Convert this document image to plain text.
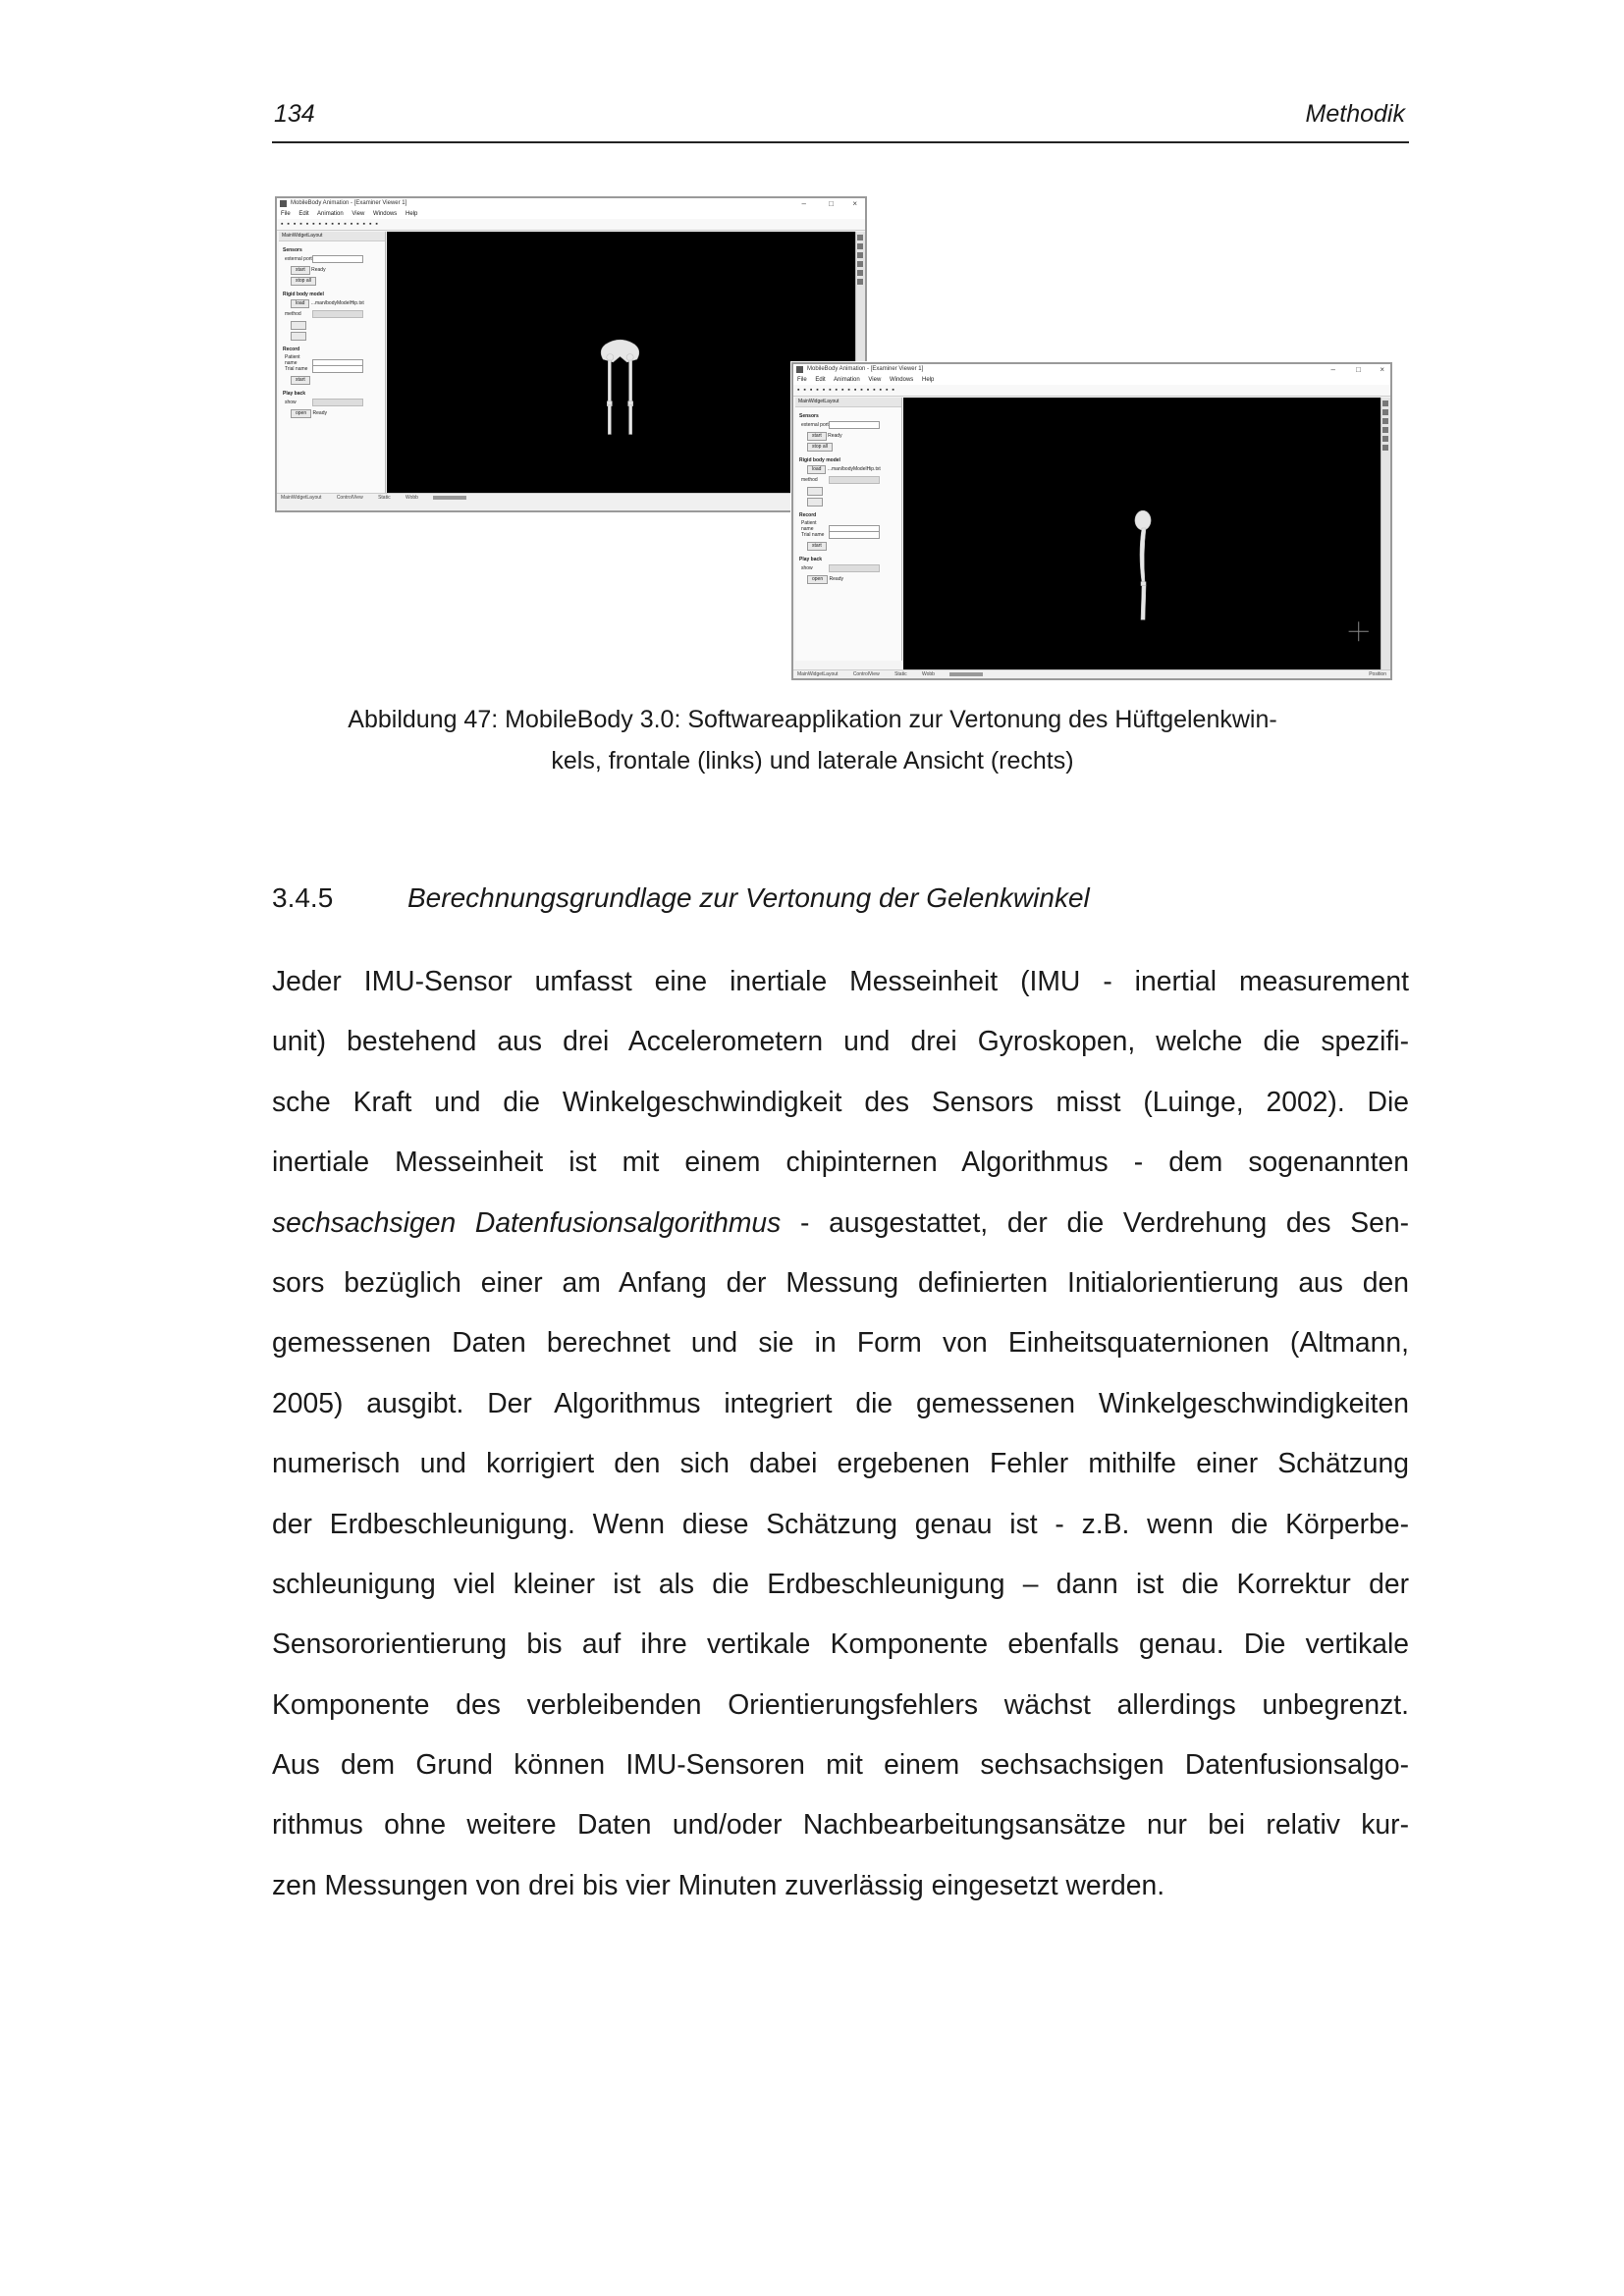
134	Methodik
MobileBody Animation - [Examiner Viewer 1]	–	□ ×
File Edit Animation View Windows Help
▪ ▪ ▪ ▪ ▪ ▪ ▪ ▪ ▪ ▪ ▪ ▪ ▪ ▪ ▪ ▪
MainWidgetLayout
Sensors
external port
start Ready
stop all
Rigid body model
load ...man/bodyModelHip.txt
method

Record
Patient name
Trial name
start
Play back
show
open Ready
MainWidgetLayout	ControlView	Static	Wobb
MobileBody Animation - [Examiner Viewer 1]	–	□ ×
File Edit Animation View Windows Help
▪ ▪ ▪ ▪ ▪ ▪ ▪ ▪ ▪ ▪ ▪ ▪ ▪ ▪ ▪ ▪
MainWidgetLayout
Sensors
external port
start Ready
stop all
Rigid body model
load ...man/bodyModelHip.txt
method

Record
Patient name
Trial name
start
Play back
show
open Ready
MainWidgetLayout	ControlView	Static	Wobb	Position
Abbildung 47: MobileBody 3.0: Softwareapplikation zur Vertonung des Hüftgelenkwin-
kels, frontale (links) und laterale Ansicht (rechts)
3.4.5	Berechnungsgrundlage zur Vertonung der Gelenkwinkel
Jeder IMU-Sensor umfasst eine inertiale Messeinheit (IMU - inertial measurement
unit) bestehend aus drei Accelerometern und drei Gyroskopen, welche die spezifi-
sche Kraft und die Winkelgeschwindigkeit des Sensors misst (Luinge, 2002). Die
inertiale Messeinheit ist mit einem chipinternen Algorithmus - dem sogenannten
sechsachsigen Datenfusionsalgorithmus - ausgestattet, der die Verdrehung des Sen-
sors bezüglich einer am Anfang der Messung definierten Initialorientierung aus den
gemessenen Daten berechnet und sie in Form von Einheitsquaternionen (Altmann,
2005) ausgibt. Der Algorithmus integriert die gemessenen Winkelgeschwindigkeiten
numerisch und korrigiert den sich dabei ergebenen Fehler mithilfe einer Schätzung
der Erdbeschleunigung. Wenn diese Schätzung genau ist - z.B. wenn die Körperbe-
schleunigung viel kleiner ist als die Erdbeschleunigung – dann ist die Korrektur der
Sensororientierung bis auf ihre vertikale Komponente ebenfalls genau. Die vertikale
Komponente des verbleibenden Orientierungsfehlers wächst allerdings unbegrenzt.
Aus dem Grund können IMU-Sensoren mit einem sechsachsigen Datenfusionsalgo-
rithmus ohne weitere Daten und/oder Nachbearbeitungsansätze nur bei relativ kur-
zen Messungen von drei bis vier Minuten zuverlässig eingesetzt werden.
